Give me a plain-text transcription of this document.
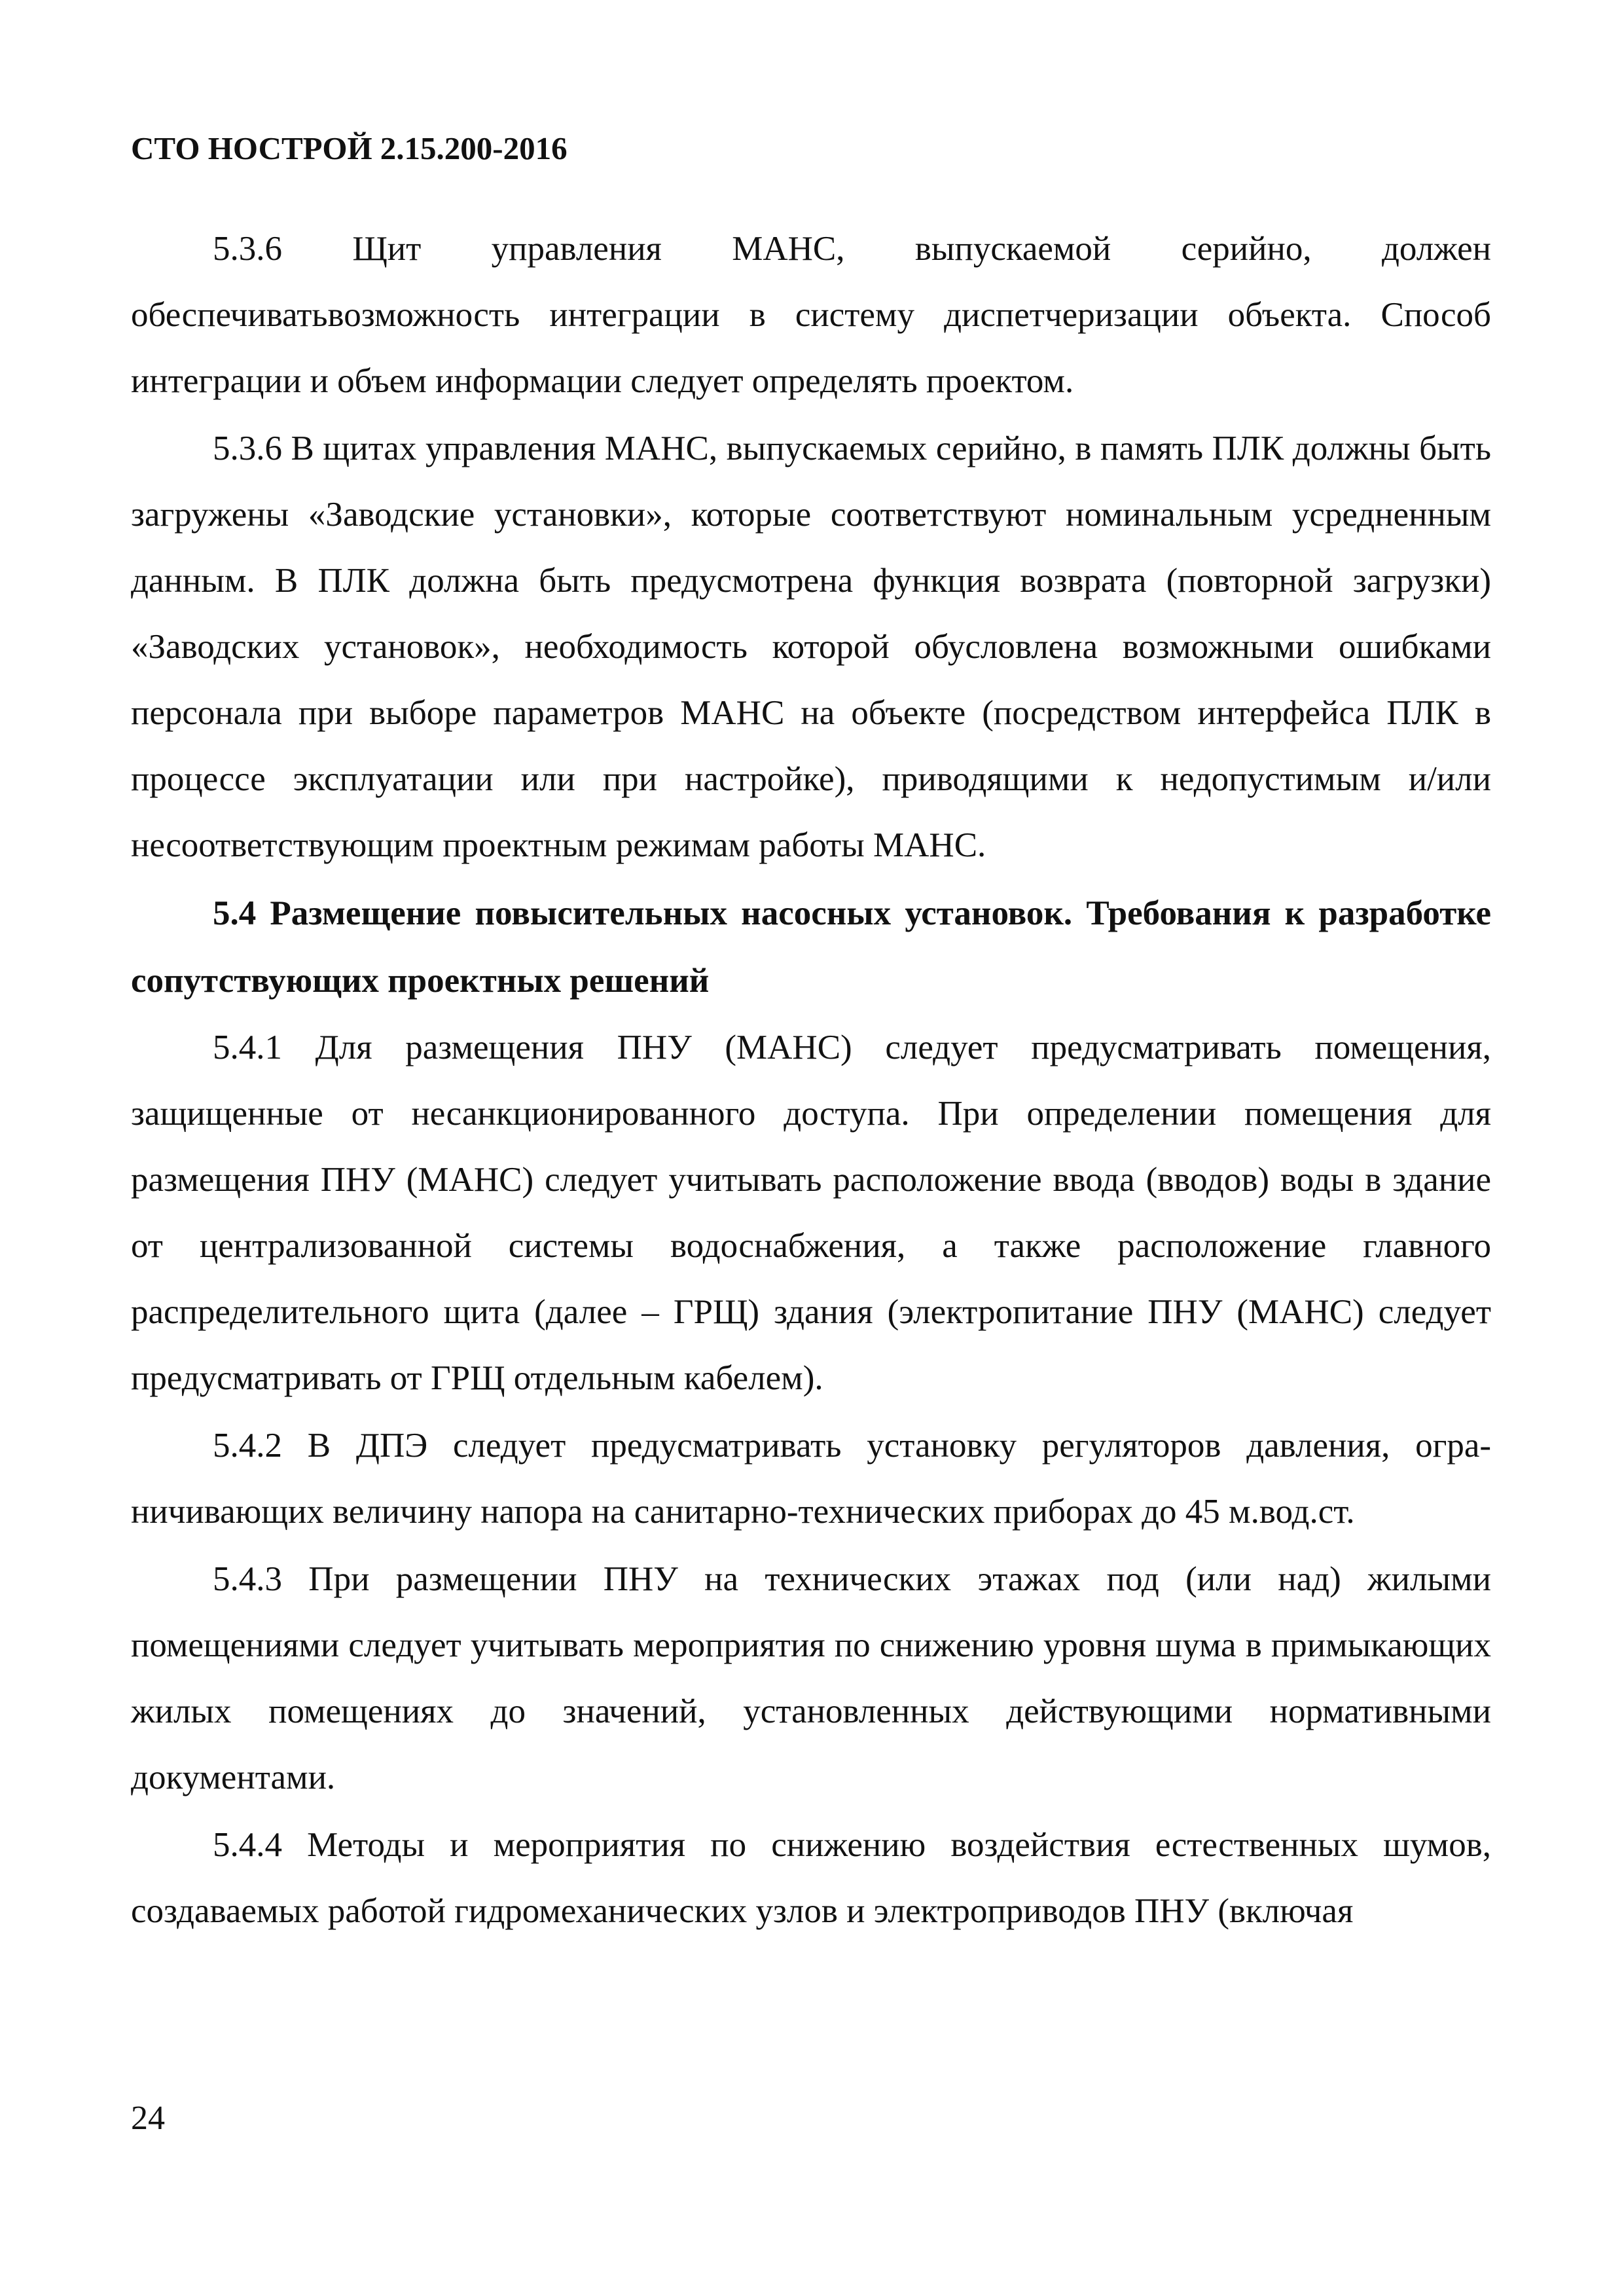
СТО НОСТРОЙ 2.15.200-2016

5.3.6 Щит управления МАНС, выпускаемой серийно, должен обеспечиватьвозможность интеграции в систему диспетчеризации объекта. Способ интеграции и объем информации следует определять проектом.

5.3.6 В щитах управления МАНС, выпускаемых серийно, в память ПЛК должны быть загружены «Заводские установки», которые соответствуют номинальным усредненным данным. В ПЛК должна быть предусмотрена функция возврата (повторной загрузки) «Заводских установок», необходимость которой обусловлена возможными ошибками персонала при выборе параметров МАНС на объекте (посредством интерфейса ПЛК в процессе эксплуатации или при настройке), приводящими к недопустимым и/или несоответствующим проектным режимам работы МАНС.

5.4 Размещение повысительных насосных установок. Требования к разработке сопутствующих проектных решений

5.4.1 Для размещения ПНУ (МАНС) следует предусматривать помещения, защищенные от несанкционированного доступа. При определении помещения для размещения ПНУ (МАНС) следует учитывать расположение ввода (вводов) воды в здание от централизованной системы водоснабжения, а также расположение главного распределительного щита (далее – ГРЩ) здания (электропитание ПНУ (МАНС) следует предусматривать от ГРЩ отдельным кабелем).

5.4.2 В ДПЭ следует предусматривать установку регуляторов давления, ограничивающих величину напора на санитарно-технических приборах до 45 м.вод.ст.

5.4.3 При размещении ПНУ на технических этажах под (или над) жилыми помещениями следует учитывать мероприятия по снижению уровня шума в примыкающих жилых помещениях до значений, установленных действующими нормативными документами.

5.4.4 Методы и мероприятия по снижению воздействия естественных шумов, создаваемых работой гидромеханических узлов и электроприводов ПНУ (включая

24
